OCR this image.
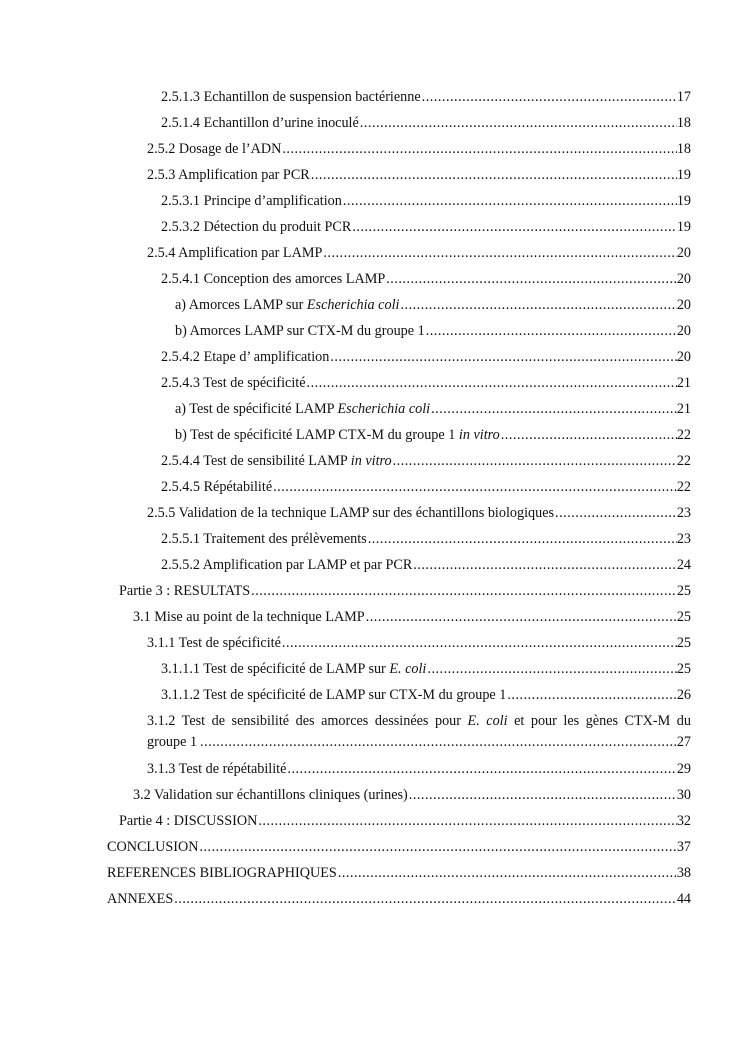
2.5.1.3 Echantillon de suspension bactérienne .....	17
2.5.1.4 Echantillon d’urine inoculé .....	18
2.5.2 Dosage de l’ADN .....	18
2.5.3 Amplification par PCR .....	19
2.5.3.1 Principe d’amplification .....	19
2.5.3.2 Détection du produit PCR .....	19
2.5.4 Amplification par LAMP .....	20
2.5.4.1 Conception des amorces LAMP .....	20
a) Amorces LAMP sur Escherichia coli .....	20
b) Amorces LAMP sur CTX-M du groupe 1 .....	20
2.5.4.2 Etape d’ amplification .....	20
2.5.4.3 Test de spécificité .....	21
a) Test de spécificité LAMP Escherichia coli .....	21
b) Test de spécificité LAMP CTX-M du groupe 1 in vitro .....	22
2.5.4.4 Test de sensibilité LAMP in vitro .....	22
2.5.4.5 Répétabilité .....	22
2.5.5 Validation de la technique LAMP sur des échantillons biologiques .....	23
2.5.5.1 Traitement des prélèvements .....	23
2.5.5.2 Amplification par LAMP et par PCR .....	24
Partie 3 : RESULTATS .....	25
3.1 Mise au point de la technique LAMP .....	25
3.1.1 Test de spécificité .....	25
3.1.1.1 Test de spécificité de LAMP sur E. coli .....	25
3.1.1.2 Test de spécificité de LAMP sur CTX-M du groupe 1 .....	26
3.1.2 Test de sensibilité des amorces dessinées pour E. coli et pour les gènes CTX-M du
groupe 1 .....	27
3.1.3 Test de répétabilité .....	29
3.2 Validation sur échantillons cliniques (urines) .....	30
Partie 4 : DISCUSSION .....	32
CONCLUSION .....	37
REFERENCES BIBLIOGRAPHIQUES .....	38
ANNEXES .....	44
